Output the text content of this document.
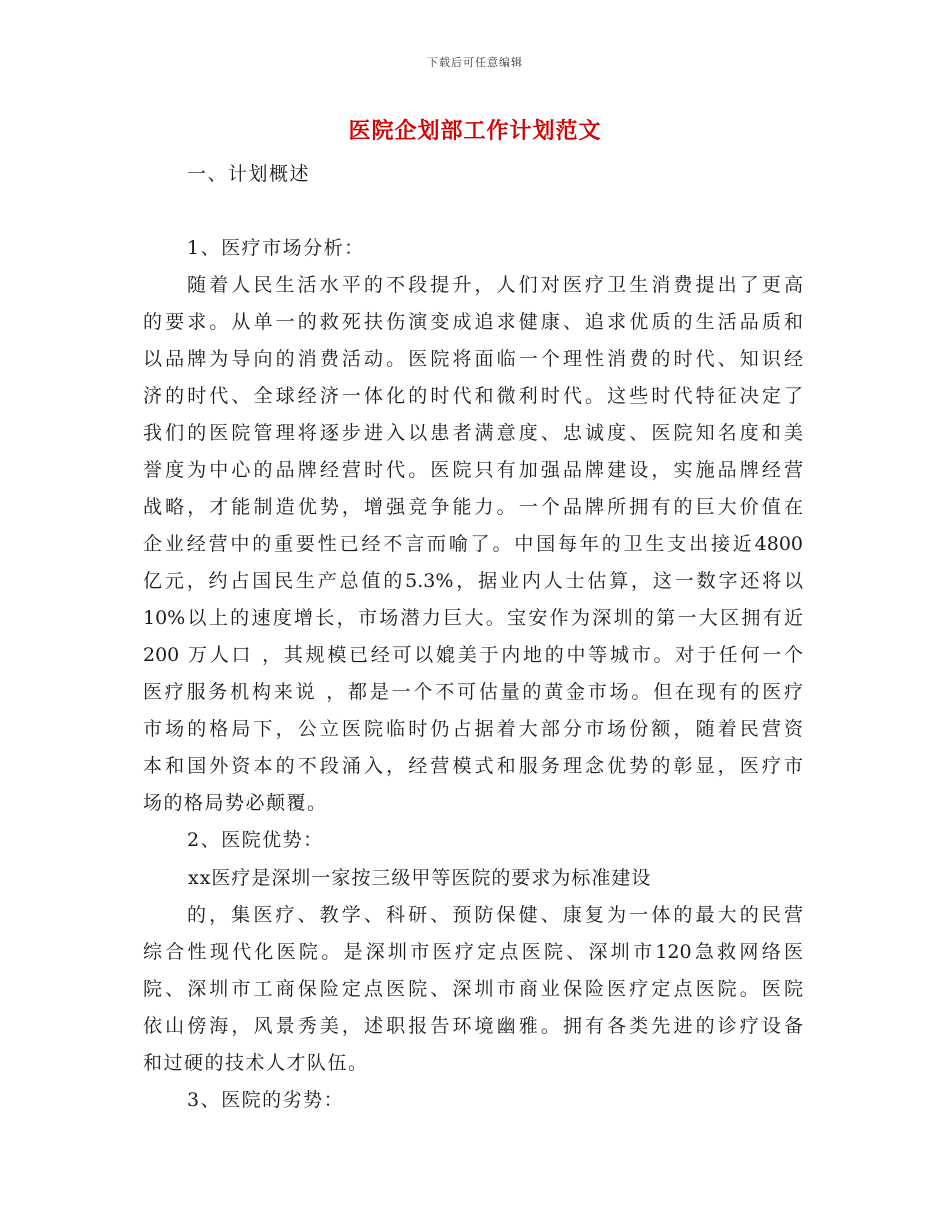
下载后可任意编辑
医院企划部工作计划范文
一、计划概述
1、医疗市场分析：
随着人民生活水平的不段提升，人们对医疗卫生消费提出了更高
的要求。从单一的救死扶伤演变成追求健康、追求优质的生活品质和
以品牌为导向的消费活动。医院将面临一个理性消费的时代、知识经
济的时代、全球经济一体化的时代和微利时代。这些时代特征决定了
我们的医院管理将逐步进入以患者满意度、忠诚度、医院知名度和美
誉度为中心的品牌经营时代。医院只有加强品牌建设，实施品牌经营
战略，才能制造优势，增强竞争能力。一个品牌所拥有的巨大价值在
企业经营中的重要性已经不言而喻了。中国每年的卫生支出接近4800
亿元，约占国民生产总值的5.3%，据业内人士估算，这一数字还将以
10%以上的速度增长，市场潜力巨大。宝安作为深圳的第一大区拥有近
200 万人口 ，其规模已经可以媲美于内地的中等城市。对于任何一个
医疗服务机构来说 ，都是一个不可估量的黄金市场。但在现有的医疗
市场的格局下，公立医院临时仍占据着大部分市场份额，随着民营资
本和国外资本的不段涌入，经营模式和服务理念优势的彰显，医疗市
场的格局势必颠覆。
2、医院优势：
xx医疗是深圳一家按三级甲等医院的要求为标准建设
的，集医疗、教学、科研、预防保健、康复为一体的最大的民营
综合性现代化医院。是深圳市医疗定点医院、深圳市120急救网络医
院、深圳市工商保险定点医院、深圳市商业保险医疗定点医院。医院
依山傍海，风景秀美，述职报告环境幽雅。拥有各类先进的诊疗设备
和过硬的技术人才队伍。
3、医院的劣势：
